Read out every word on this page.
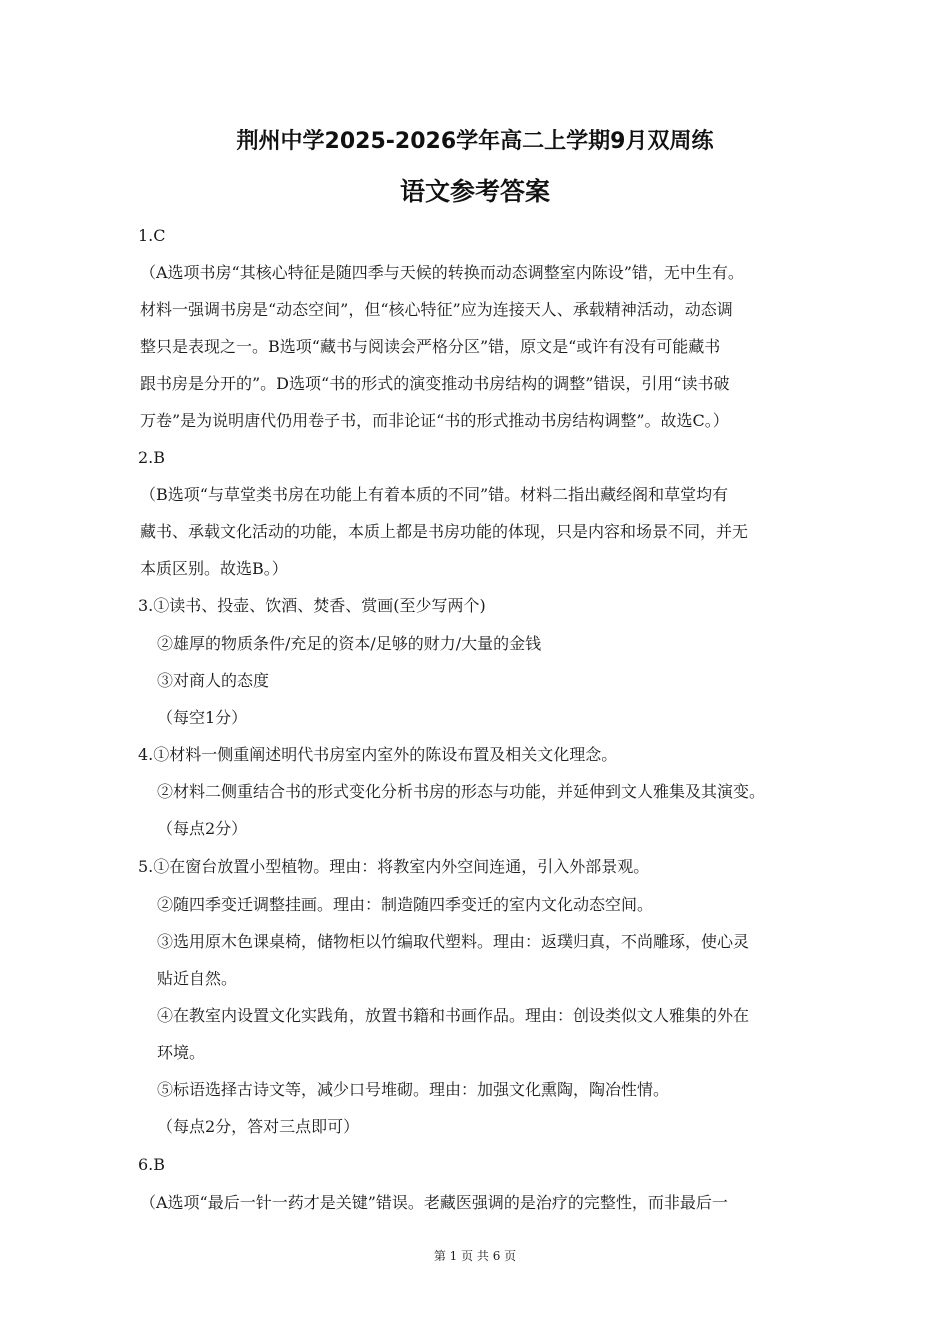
荆州中学2025-2026学年高二上学期9月双周练
语文参考答案
1.C
（A选项书房“其核心特征是随四季与天候的转换而动态调整室内陈设”错，无中生有。
材料一强调书房是“动态空间”，但“核心特征”应为连接天人、承载精神活动，动态调
整只是表现之一。B选项“藏书与阅读会严格分区”错，原文是“或许有没有可能藏书
跟书房是分开的”。D选项“书的形式的演变推动书房结构的调整”错误，引用“读书破
万卷”是为说明唐代仍用卷子书，而非论证“书的形式推动书房结构调整”。故选C。）
2.B
（B选项“与草堂类书房在功能上有着本质的不同”错。材料二指出藏经阁和草堂均有
藏书、承载文化活动的功能，本质上都是书房功能的体现，只是内容和场景不同，并无
本质区别。故选B。）
3.①读书、投壶、饮酒、焚香、赏画(至少写两个)
②雄厚的物质条件/充足的资本/足够的财力/大量的金钱
③对商人的态度
（每空1分）
4.①材料一侧重阐述明代书房室内室外的陈设布置及相关文化理念。
②材料二侧重结合书的形式变化分析书房的形态与功能，并延伸到文人雅集及其演变。
（每点2分）
5.①在窗台放置小型植物。理由：将教室内外空间连通，引入外部景观。
②随四季变迁调整挂画。理由：制造随四季变迁的室内文化动态空间。
③选用原木色课桌椅，储物柜以竹编取代塑料。理由：返璞归真，不尚雕琢，使心灵
贴近自然。
④在教室内设置文化实践角，放置书籍和书画作品。理由：创设类似文人雅集的外在
环境。
⑤标语选择古诗文等，减少口号堆砌。理由：加强文化熏陶，陶冶性情。
（每点2分，答对三点即可）
6.B
（A选项“最后一针一药才是关键”错误。老藏医强调的是治疗的完整性，而非最后一
第 1 页 共 6 页
